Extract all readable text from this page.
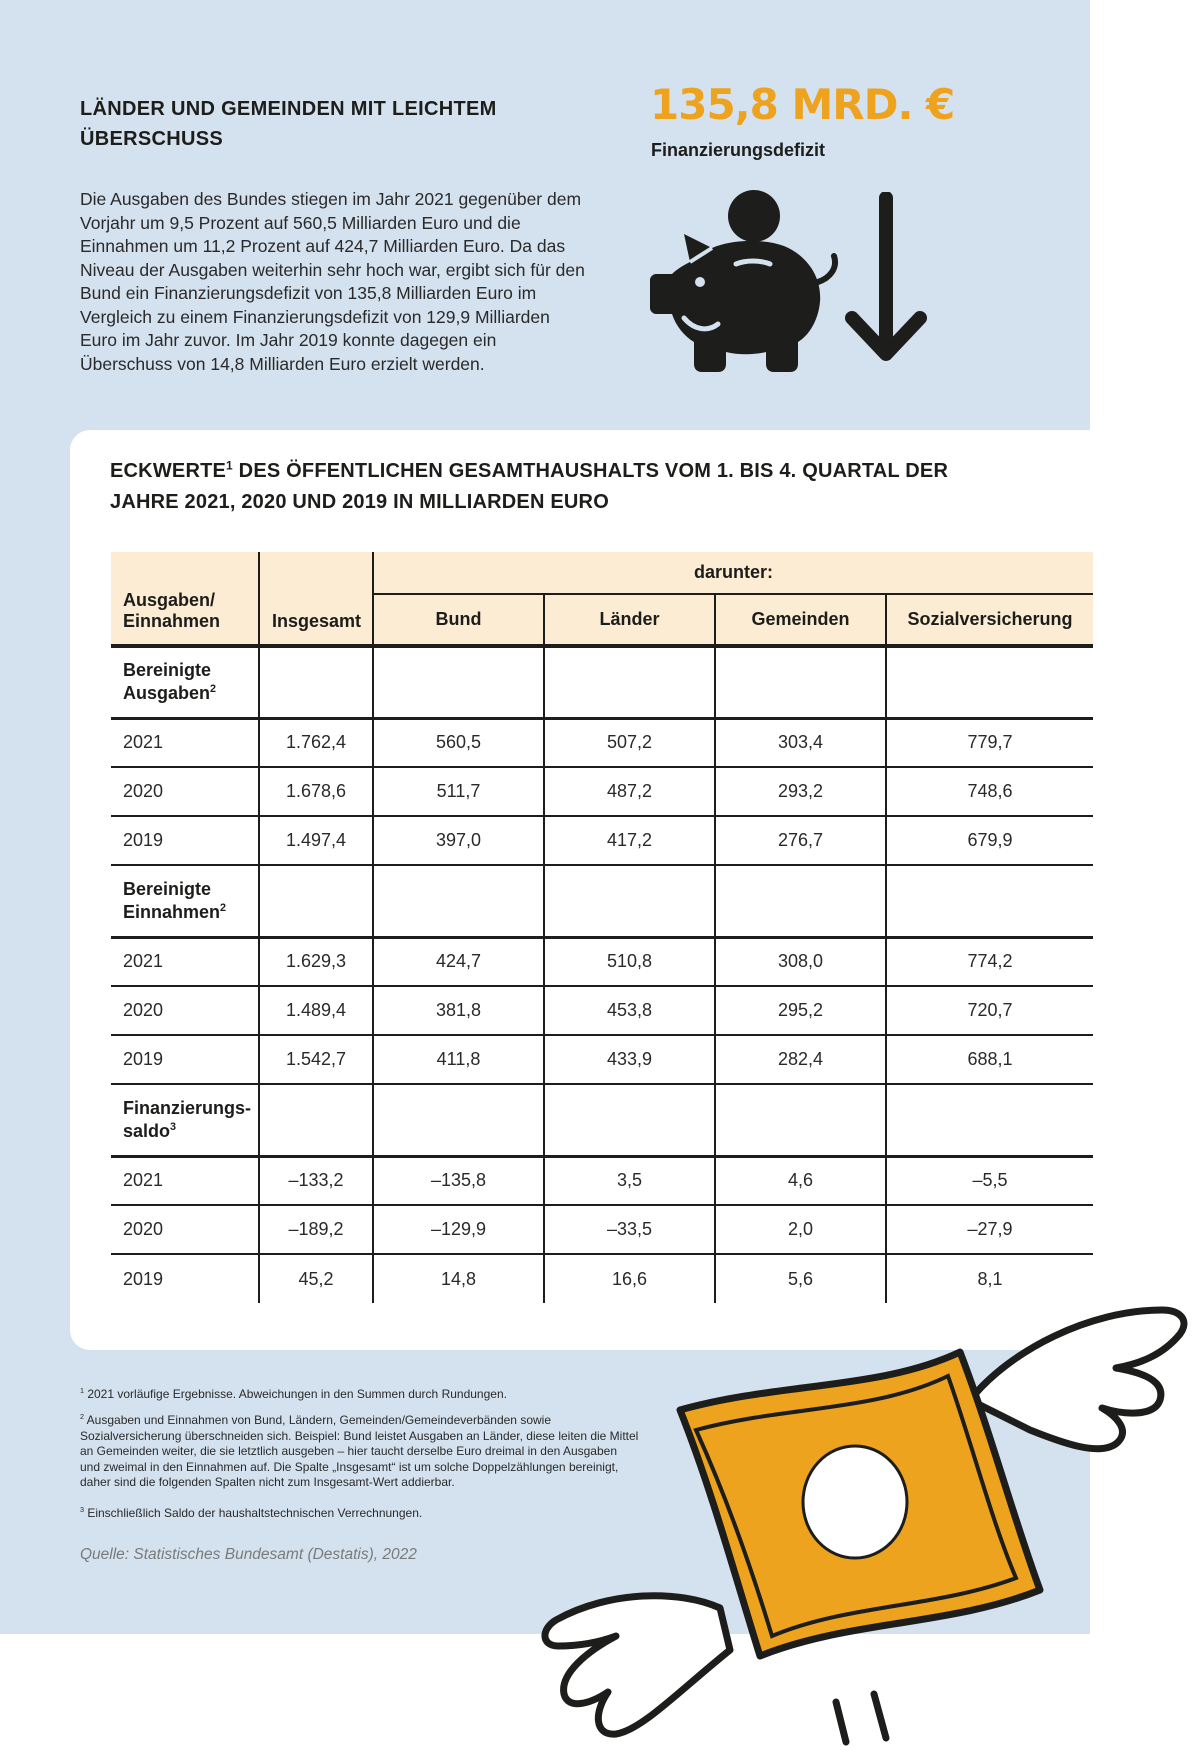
LÄNDER UND GEMEINDEN MIT LEICHTEM ÜBERSCHUSS

Die Ausgaben des Bundes stiegen im Jahr 2021 gegenüber dem Vorjahr um 9,5 Prozent auf 560,5 Milliarden Euro und die Einnahmen um 11,2 Prozent auf 424,7 Milliarden Euro. Da das Niveau der Ausgaben weiterhin sehr hoch war, ergibt sich für den Bund ein Finanzierungsdefizit von 135,8 Milliarden Euro im Vergleich zu einem Finanzierungsdefizit von 129,9 Milliarden Euro im Jahr zuvor. Im Jahr 2019 konnte dagegen ein Überschuss von 14,8 Milliarden Euro erzielt werden.

135,8 MRD. €
Finanzierungsdefizit
ECKWERTE$^1$ DES ÖFFENTLICHEN GESAMTHAUSHALTS VOM 1. BIS 4. QUARTAL DER JAHRE 2021, 2020 UND 2019 IN MILLIARDEN EURO
Ausgaben/
Einnahmen	Insgesamt	darunter:			
		Bund	Länder	Gemeinden	Sozialversicherung
Bereinigte
Ausgaben$^2$					
2021	1.762,4	560,5	507,2	303,4	779,7
2020	1.678,6	511,7	487,2	293,2	748,6
2019	1.497,4	397,0	417,2	276,7	679,9
Bereinigte
Einnahmen$^2$					
2021	1.629,3	424,7	510,8	308,0	774,2
2020	1.489,4	381,8	453,8	295,2	720,7
2019	1.542,7	411,8	433,9	282,4	688,1
Finanzierungs-
saldo$^3$					
2021	–133,2	–135,8	3,5	4,6	–5,5
2020	–189,2	–129,9	–33,5	2,0	–27,9
2019	45,2	14,8	16,6	5,6	8,1

$^1$ 2021 vorläufige Ergebnisse. Abweichungen in den Summen durch Rundungen.

$^2$ Ausgaben und Einnahmen von Bund, Ländern, Gemeinden/Gemeindeverbänden sowie Sozialversicherung überschneiden sich. Beispiel: Bund leistet Ausgaben an Länder, diese leiten die Mittel an Gemeinden weiter, die sie letztlich ausgeben – hier taucht derselbe Euro dreimal in den Ausgaben und zweimal in den Einnahmen auf. Die Spalte „Insgesamt“ ist um solche Doppelzählungen bereinigt, daher sind die folgenden Spalten nicht zum Insgesamt-Wert addierbar.

$^3$ Einschließlich Saldo der haushaltstechnischen Verrechnungen.

Quelle: Statistisches Bundesamt (Destatis), 2022
